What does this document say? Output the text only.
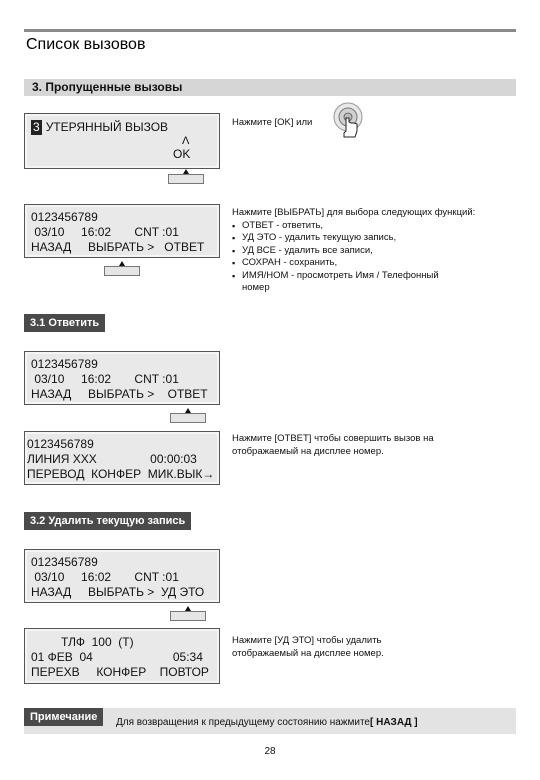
Список вызовов
3. Пропущенные вызовы
3 УТЕРЯННЫЙ ВЫЗОВ
Λ
OK
Нажмите [OK] или
0123456789
03/10     16:02       CNT :01
НАЗАД     ВЫБРАТЬ >   ОТВЕТ
Нажмите [ВЫБРАТЬ] для выбора следующих функций:
▪ ОТВЕТ - ответить,
▪ УД ЭТО - удалить текущую запись,
▪ УД ВСЕ - удалить все записи,
▪ СОХРАН - сохранить,
▪ ИМЯ/НОМ - просмотреть Имя / Телефонный
номер
3.1 Ответить
0123456789
03/10     16:02       CNT :01
НАЗАД     ВЫБРАТЬ >    ОТВЕТ
0123456789
ЛИНИЯ XXX                00:00:03
ПЕРЕВОД  КОНФЕР  МИК.ВЫК→
Нажмите [ОТВЕТ] чтобы совершить вызов на
отображаемый на дисплее номер.
3.2 Удалить текущую запись
0123456789
03/10     16:02       CNT :01
НАЗАД     ВЫБРАТЬ >  УД ЭТО
ТЛФ  100  (Т)
01 ФЕВ  04                        05:34
ПЕРЕХВ     КОНФЕР    ПОВТОР
Нажмите [УД ЭТО] чтобы удалить
отображаемый на дисплее номер.
Примечание	Для возвращения к предыдущему состоянию нажмите[ НАЗАД ]
28
